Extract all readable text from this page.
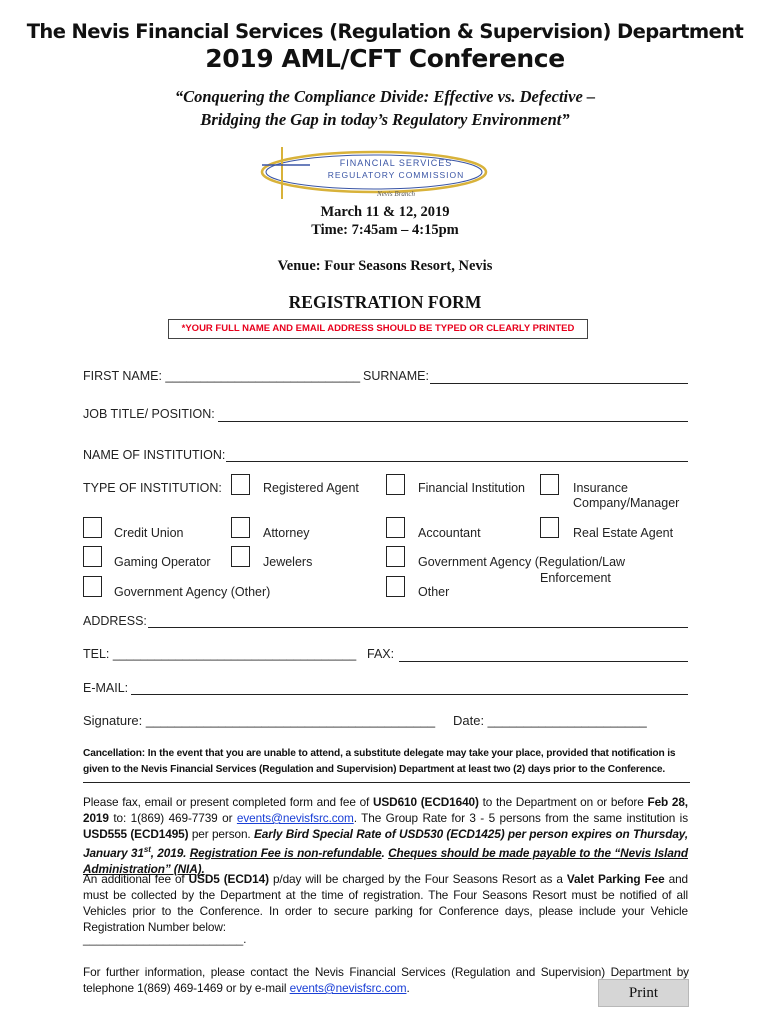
The Nevis Financial Services (Regulation & Supervision) Department
2019 AML/CFT Conference
“Conquering the Compliance Divide: Effective vs. Defective –
Bridging the Gap in today’s Regulatory Environment”
FINANCIAL SERVICES
REGULATORY COMMISSION
Nevis Branch
March 11 & 12, 2019
Time: 7:45am – 4:15pm
Venue: Four Seasons Resort, Nevis
REGISTRATION FORM
*YOUR FULL NAME AND EMAIL ADDRESS SHOULD BE TYPED OR CLEARLY PRINTED
FIRST NAME: ____________________________ SURNAME:
JOB TITLE/ POSITION:
NAME OF INSTITUTION:
TYPE OF INSTITUTION:	Registered Agent	Financial Institution	Insurance
Company/Manager
Credit Union	Attorney	Accountant	Real Estate Agent
Gaming Operator	Jewelers	Government Agency (Regulation/Law
Enforcement
Government Agency (Other)	Other
ADDRESS:
TEL: ___________________________________ FAX:
E-MAIL:
Signature: ________________________________________ Date: ______________________
Cancellation: In the event that you are unable to attend, a substitute delegate may take your place, provided that notification is
given to the Nevis Financial Services (Regulation and Supervision) Department at least two (2) days prior to the Conference.
Please fax, email or present completed form and fee of USD610 (ECD1640) to the Department on or before Feb 28, 2019 to: 1(869) 469-7739 or events@nevisfsrc.com. The Group Rate for 3 - 5 persons from the same institution is USD555 (ECD1495) per person. Early Bird Special Rate of USD530 (ECD1425) per person expires on Thursday, January 31st, 2019. Registration Fee is non-refundable. Cheques should be made payable to the “Nevis Island Administration” (NIA).
An additional fee of USD5 (ECD14) p/day will be charged by the Four Seasons Resort as a Valet Parking Fee and must be collected by the Department at the time of registration. The Four Seasons Resort must be notified of all Vehicles prior to the Conference. In order to secure parking for Conference days, please include your Vehicle Registration Number below:
________________________.
For further information, please contact the Nevis Financial Services (Regulation and Supervision) Department by telephone 1(869) 469-1469 or by e-mail events@nevisfsrc.com.	Print
